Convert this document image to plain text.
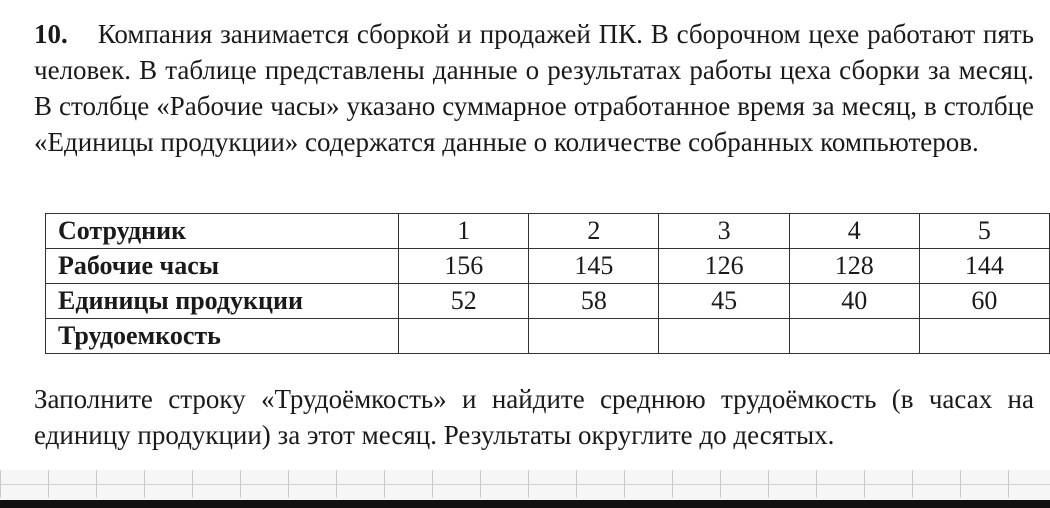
10. Компания занимается сборкой и продажей ПК. В сборочном цехе работают пять человек. В таблице представлены данные о результатах работы цеха сборки за месяц. В столбце «Рабочие часы» указано суммарное отработанное время за месяц, в столбце «Единицы продукции» содержатся данные о количестве собранных компьютеров.
Сотрудник	1	2	3	4	5
Рабочие часы	156	145	126	128	144
Единицы продукции	52	58	45	40	60
Трудоемкость					
Заполните строку «Трудоёмкость» и найдите среднюю трудоёмкость (в часах на единицу продукции) за этот месяц. Результаты округлите до десятых.
